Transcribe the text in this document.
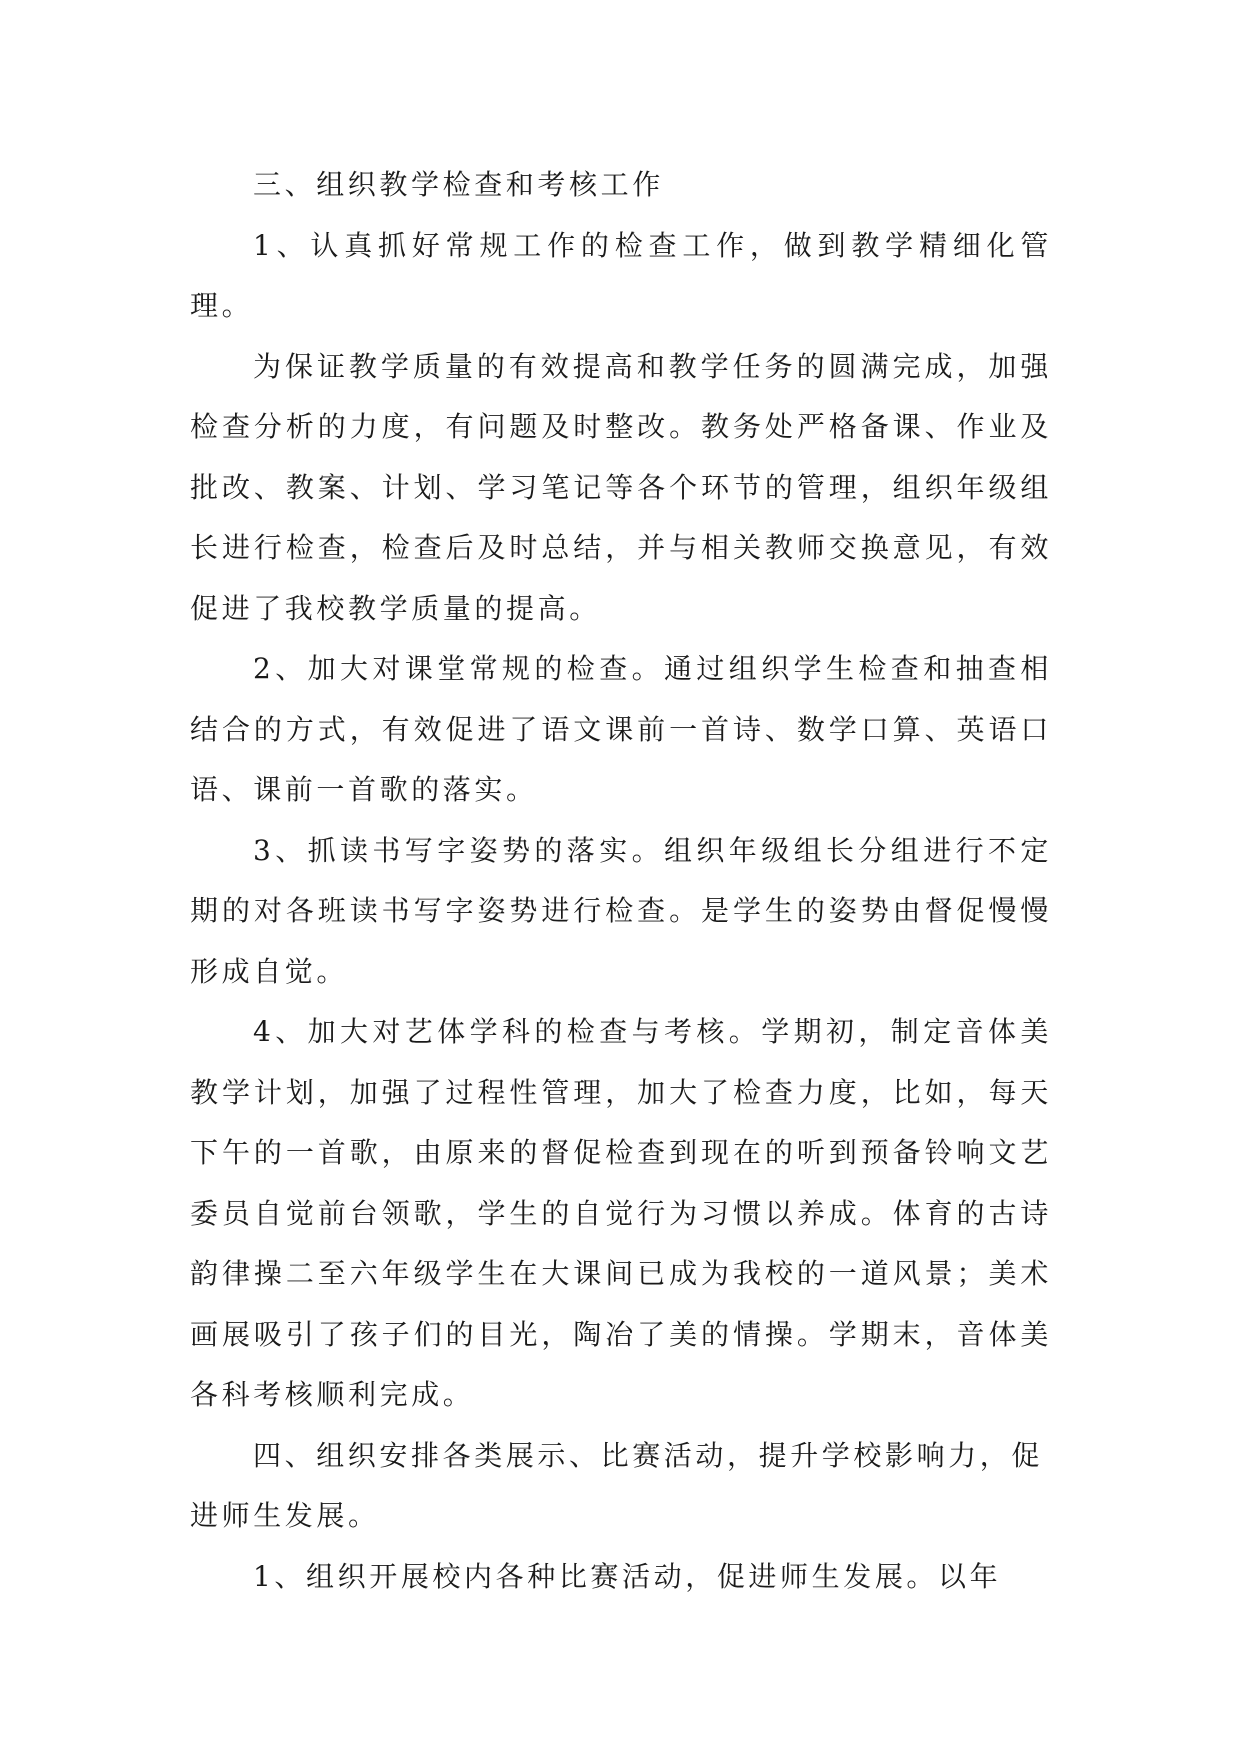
三、组织教学检查和考核工作

1、认真抓好常规工作的检查工作，做到教学精细化管理。

为保证教学质量的有效提高和教学任务的圆满完成，加强检查分析的力度，有问题及时整改。教务处严格备课、作业及批改、教案、计划、学习笔记等各个环节的管理，组织年级组长进行检查，检查后及时总结，并与相关教师交换意见，有效促进了我校教学质量的提高。

2、加大对课堂常规的检查。通过组织学生检查和抽查相结合的方式，有效促进了语文课前一首诗、数学口算、英语口语、课前一首歌的落实。

3、抓读书写字姿势的落实。组织年级组长分组进行不定期的对各班读书写字姿势进行检查。是学生的姿势由督促慢慢形成自觉。

4、加大对艺体学科的检查与考核。学期初，制定音体美教学计划，加强了过程性管理，加大了检查力度，比如，每天下午的一首歌，由原来的督促检查到现在的听到预备铃响文艺委员自觉前台领歌，学生的自觉行为习惯以养成。体育的古诗韵律操二至六年级学生在大课间已成为我校的一道风景；美术画展吸引了孩子们的目光，陶冶了美的情操。学期末，音体美各科考核顺利完成。

四、组织安排各类展示、比赛活动，提升学校影响力，促进师生发展。

1、组织开展校内各种比赛活动，促进师生发展。以年
